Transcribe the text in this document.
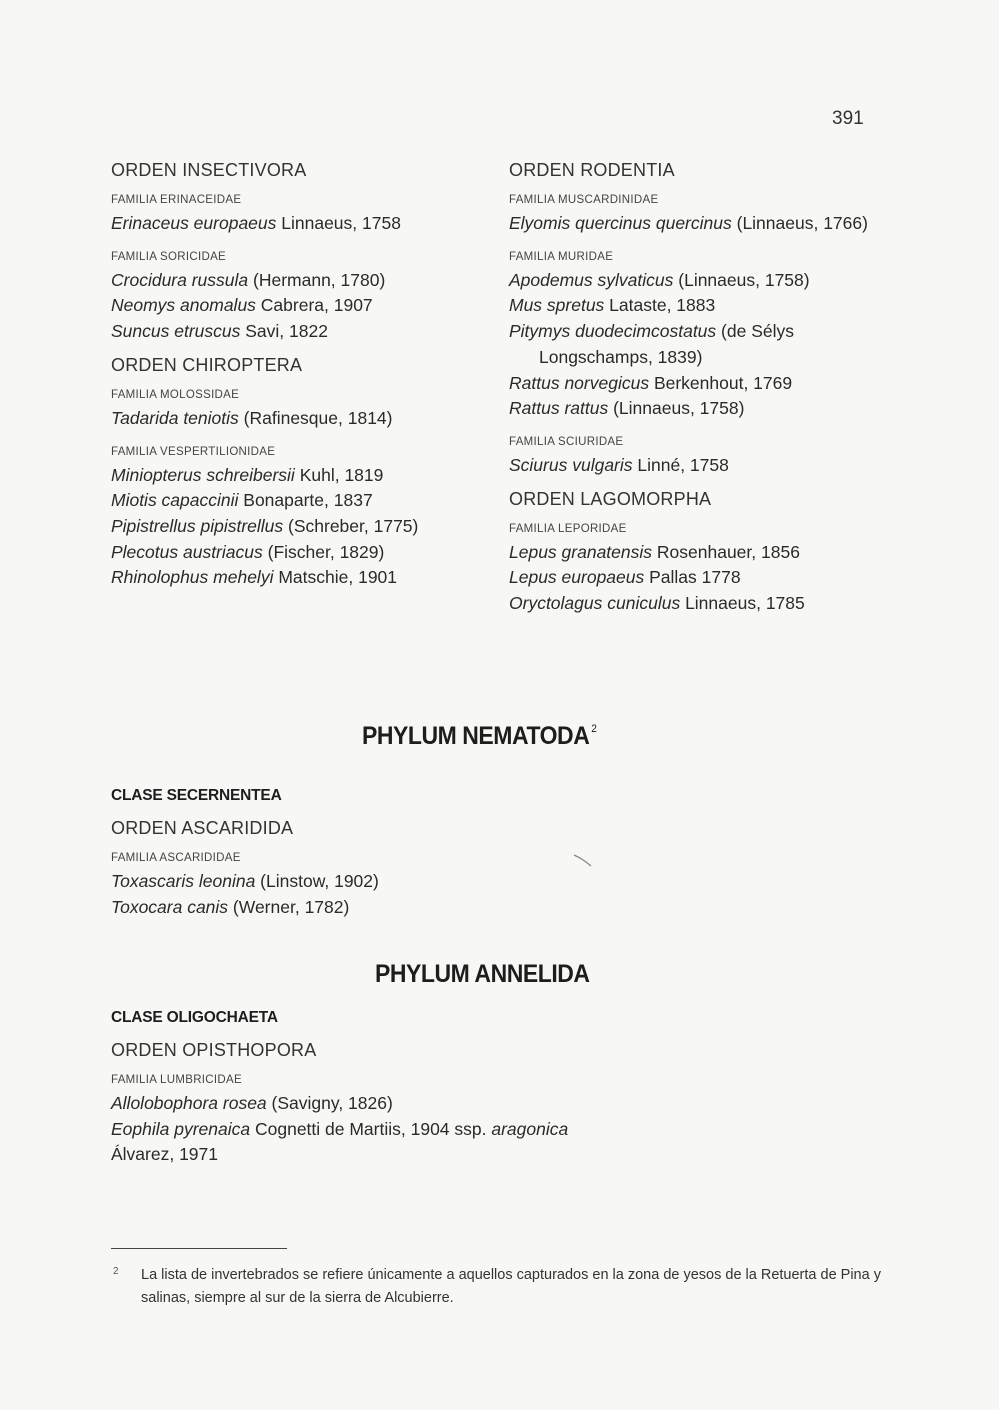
391
ORDEN INSECTIVORA
FAMILIA ERINACEIDAE
Erinaceus europaeus Linnaeus, 1758
FAMILIA SORICIDAE
Crocidura russula (Hermann, 1780)
Neomys anomalus Cabrera, 1907
Suncus etruscus Savi, 1822
ORDEN CHIROPTERA
FAMILIA MOLOSSIDAE
Tadarida teniotis (Rafinesque, 1814)
FAMILIA VESPERTILIONIDAE
Miniopterus schreibersii Kuhl, 1819
Miotis capaccinii Bonaparte, 1837
Pipistrellus pipistrellus (Schreber, 1775)
Plecotus austriacus (Fischer, 1829)
Rhinolophus mehelyi Matschie, 1901
ORDEN RODENTIA
FAMILIA MUSCARDINIDAE
Elyomis quercinus quercinus (Linnaeus, 1766)
FAMILIA MURIDAE
Apodemus sylvaticus (Linnaeus, 1758)
Mus spretus Lataste, 1883
Pitymys duodecimcostatus (de Sélys
Longschamps, 1839)
Rattus norvegicus Berkenhout, 1769
Rattus rattus (Linnaeus, 1758)
FAMILIA SCIURIDAE
Sciurus vulgaris Linné, 1758
ORDEN LAGOMORPHA
FAMILIA LEPORIDAE
Lepus granatensis Rosenhauer, 1856
Lepus europaeus Pallas 1778
Oryctolagus cuniculus Linnaeus, 1785
PHYLUM NEMATODA $^2$
CLASE SECERNENTEA
ORDEN ASCARIDIDA
FAMILIA ASCARIDIDAE
Toxascaris leonina (Linstow, 1902)
Toxocara canis (Werner, 1782)
PHYLUM ANNELIDA
CLASE OLIGOCHAETA
ORDEN OPISTHOPORA
FAMILIA LUMBRICIDAE
Allolobophora rosea (Savigny, 1826)
Eophila pyrenaica Cognetti de Martiis, 1904 ssp. aragonica
Álvarez, 1971
2 La lista de invertebrados se refiere únicamente a aquellos capturados en la zona de yesos de la Retuerta de Pina y salinas, siempre al sur de la sierra de Alcubierre.
